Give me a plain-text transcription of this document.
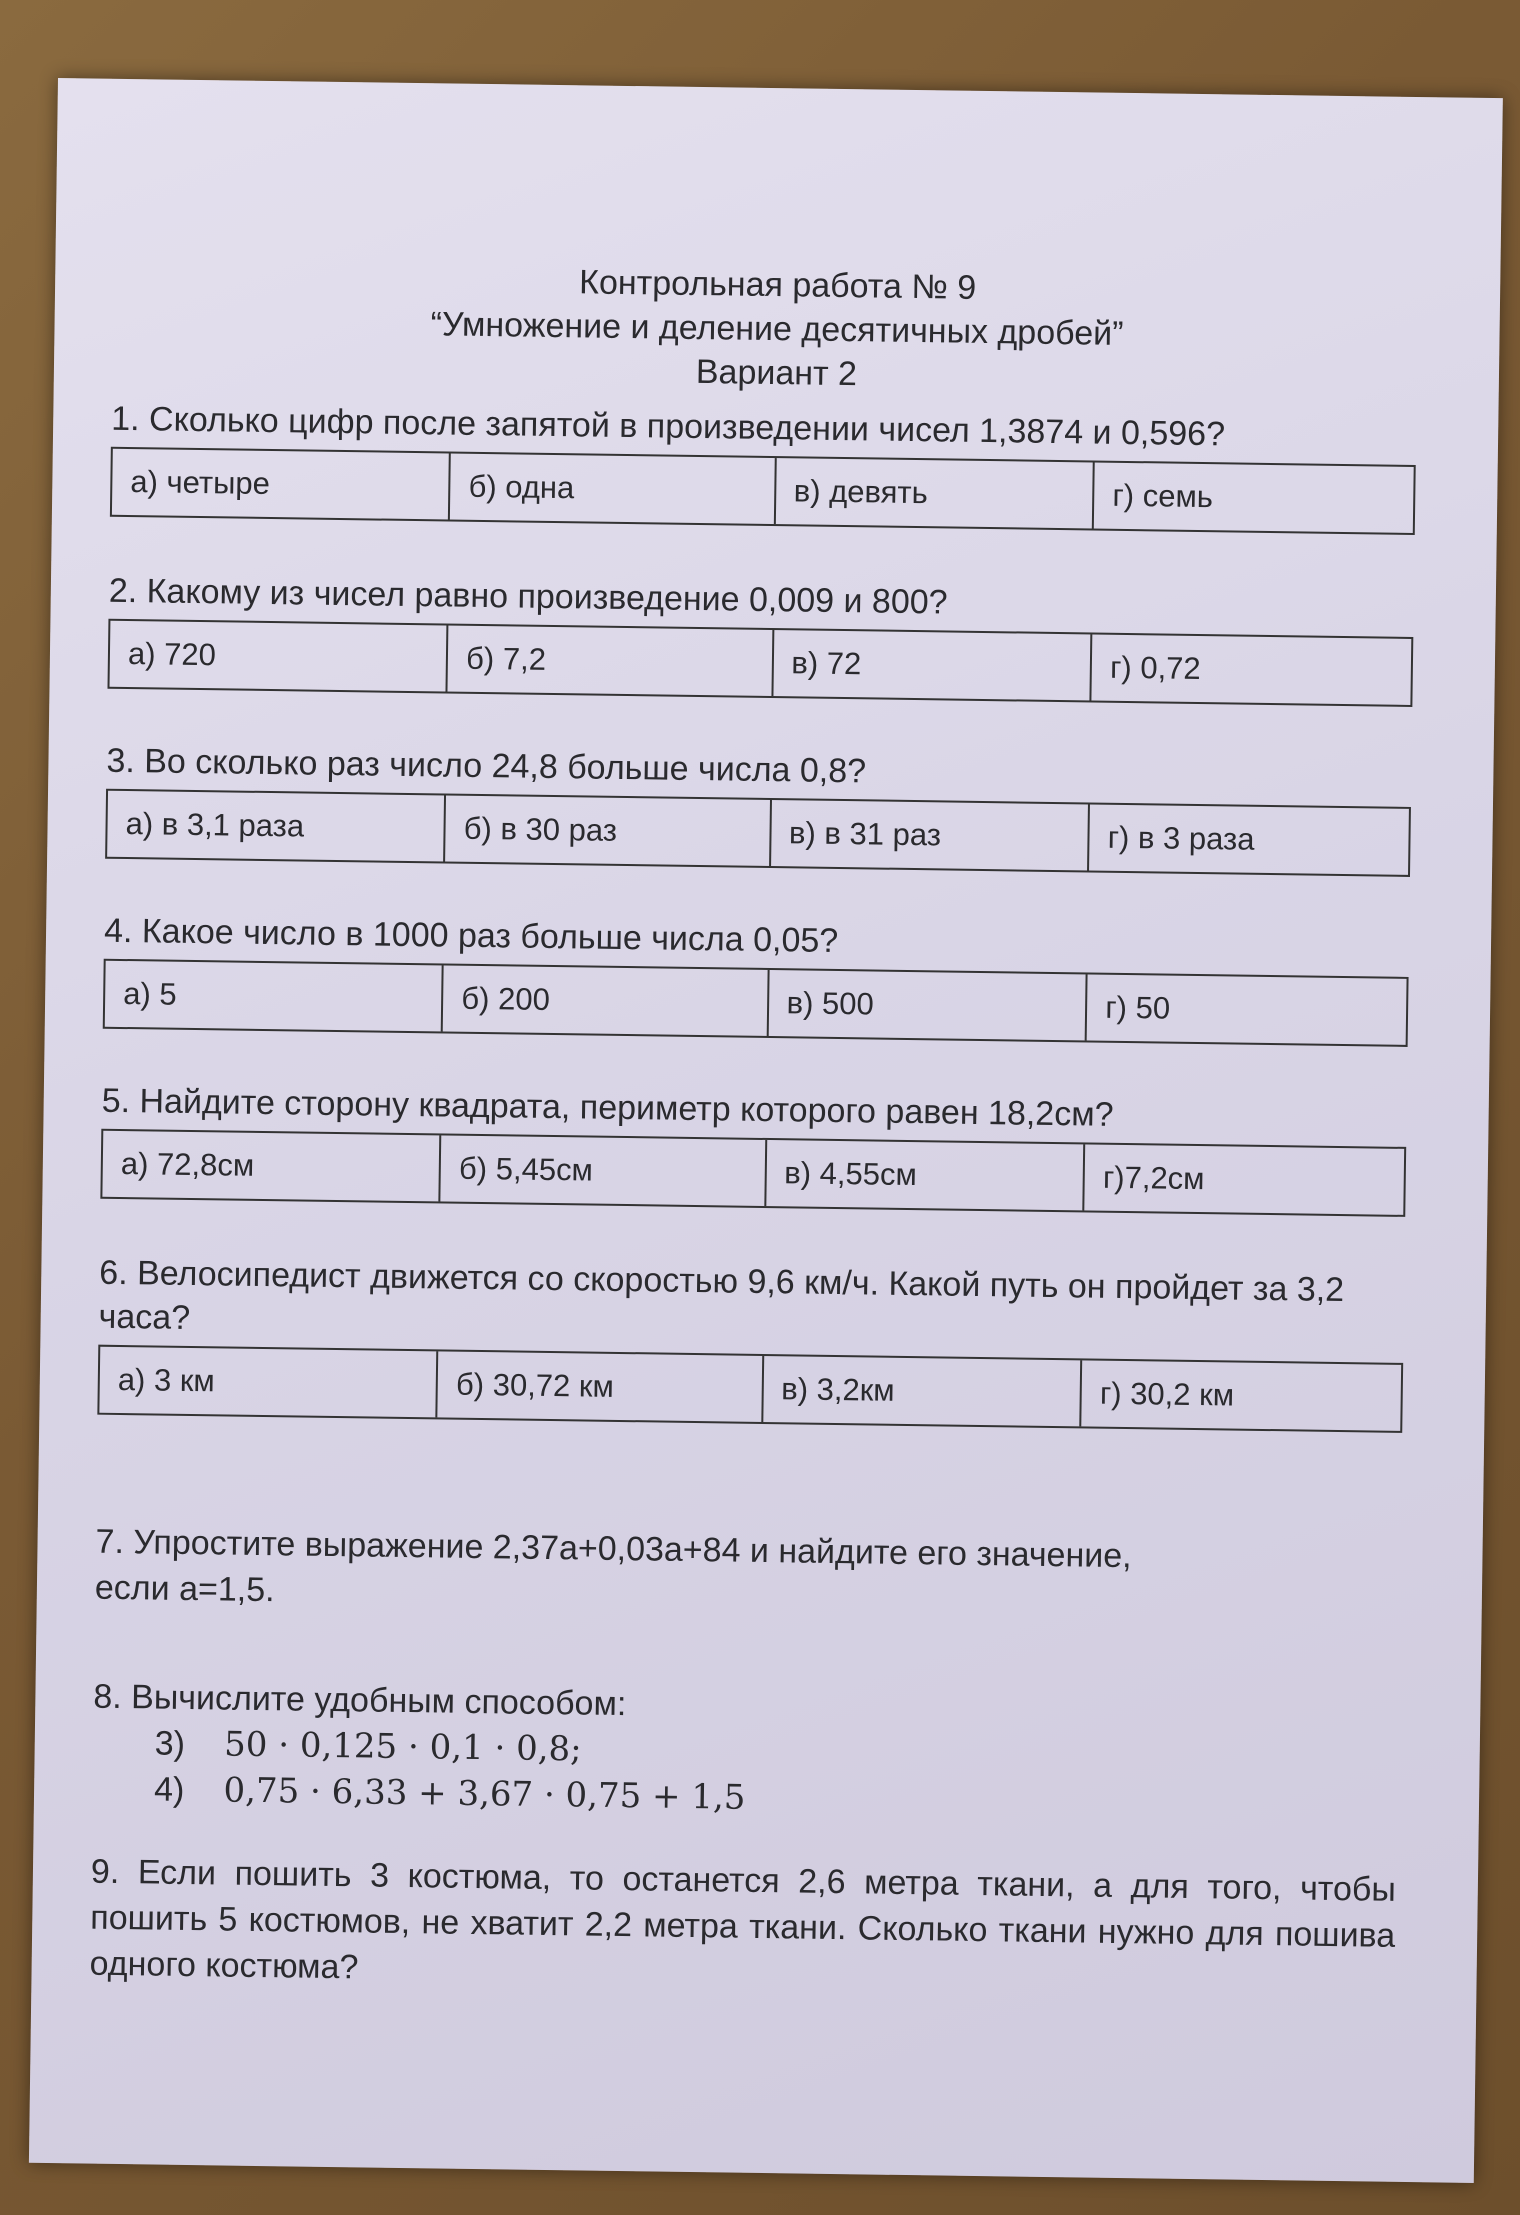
Контрольная работа № 9
“Умножение и деление десятичных дробей”
Вариант 2
1. Сколько цифр после запятой в произведении чисел 1,3874 и 0,596?
а) четыре	б) одна	в) девять	г) семь
2. Какому из чисел равно произведение 0,009 и 800?
а) 720	б) 7,2	в) 72	г) 0,72
3. Во сколько раз число 24,8 больше числа 0,8?
а) в 3,1 раза	б) в 30 раз	в) в 31 раз	г) в 3 раза
4. Какое число в 1000 раз больше числа 0,05?
а) 5	б) 200	в) 500	г) 50
5. Найдите сторону квадрата, периметр которого равен 18,2см?
а) 72,8см	б) 5,45см	в) 4,55см	г)7,2см
6. Велосипедист движется со скоростью 9,6 км/ч. Какой путь он пройдет за 3,2 часа?
а) 3 км	б) 30,72 км	в) 3,2км	г) 30,2 км
7. Упростите выражение 2,37а+0,03а+84 и найдите его значение,
если а=1,5.
8. Вычислите удобным способом:
3) 50 · 0,125 · 0,1 · 0,8;
4) 0,75 · 6,33 + 3,67 · 0,75 + 1,5
9. Если пошить 3 костюма, то останется 2,6 метра ткани, а для того, чтобы пошить 5 костюмов, не хватит 2,2 метра ткани. Сколько ткани нужно для пошива одного костюма?
